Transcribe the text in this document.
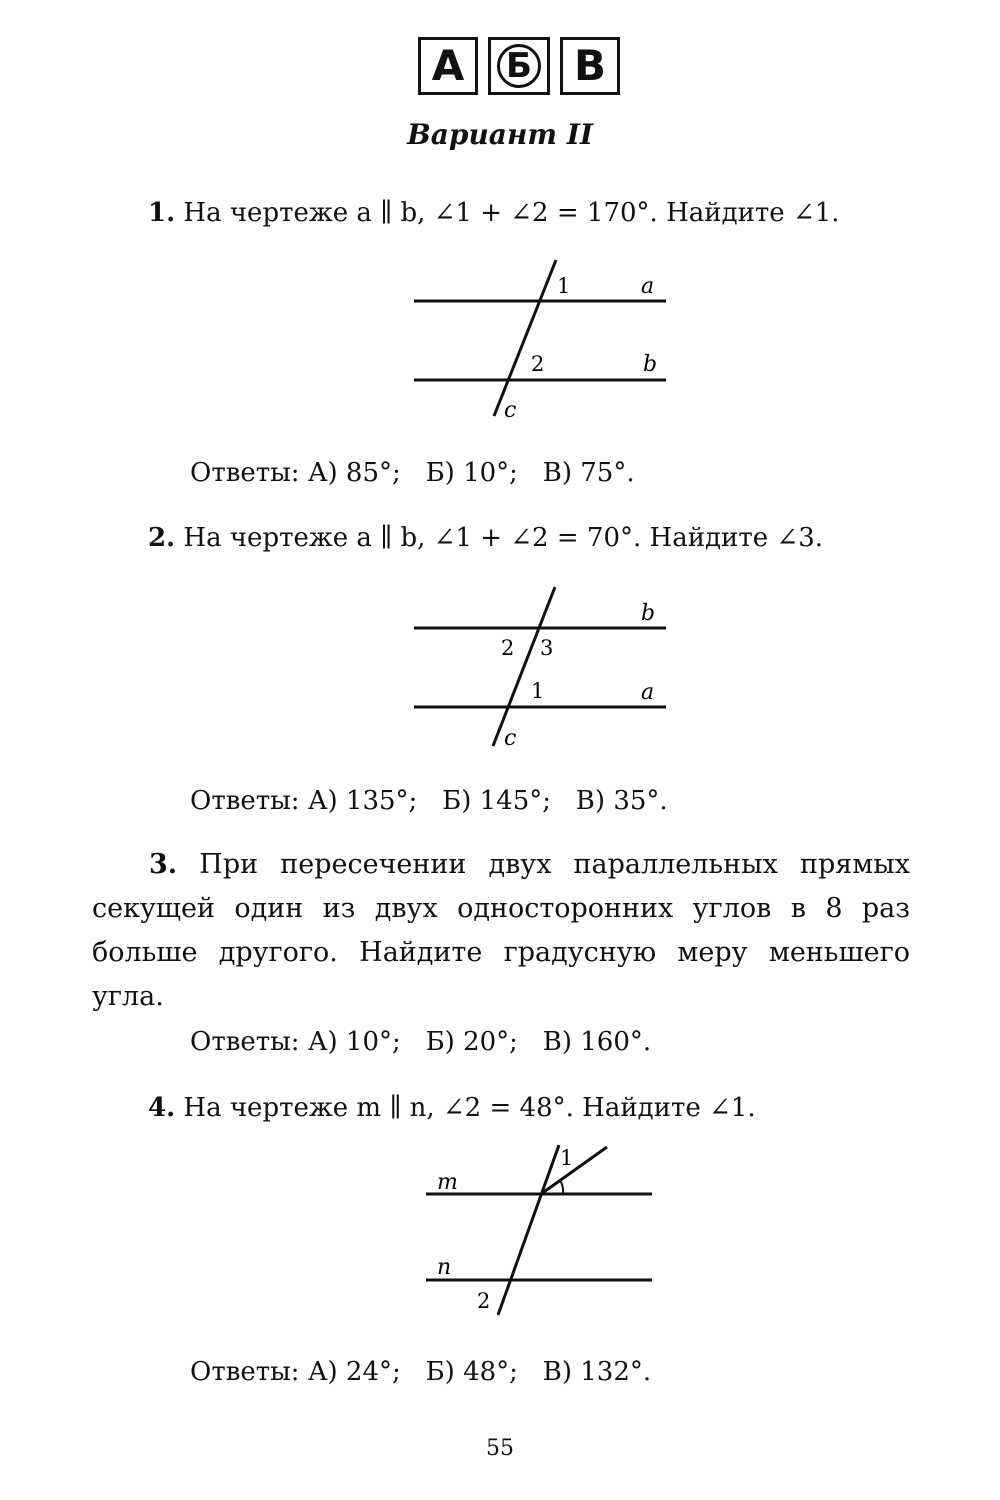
А Б В
Вариант II
1. На чертеже a ∥ b, ∠1 + ∠2 = 170°. Найдите ∠1.
1	a
2	b
c
Ответы: А) 85°;   Б) 10°;   В) 75°.
2. На чертеже a ∥ b, ∠1 + ∠2 = 70°. Найдите ∠3.
b
2 3
1	a
c
Ответы: А) 135°;   Б) 145°;   В) 35°.
3. При пересечении двух параллельных прямых секущей один из двух односторонних углов в 8 раз больше другого. Найдите градусную меру меньшего угла.
Ответы: А) 10°;   Б) 20°;   В) 160°.
4. На чертеже m ∥ n, ∠2 = 48°. Найдите ∠1.
1
m
n
2
Ответы: А) 24°;   Б) 48°;   В) 132°.
55
